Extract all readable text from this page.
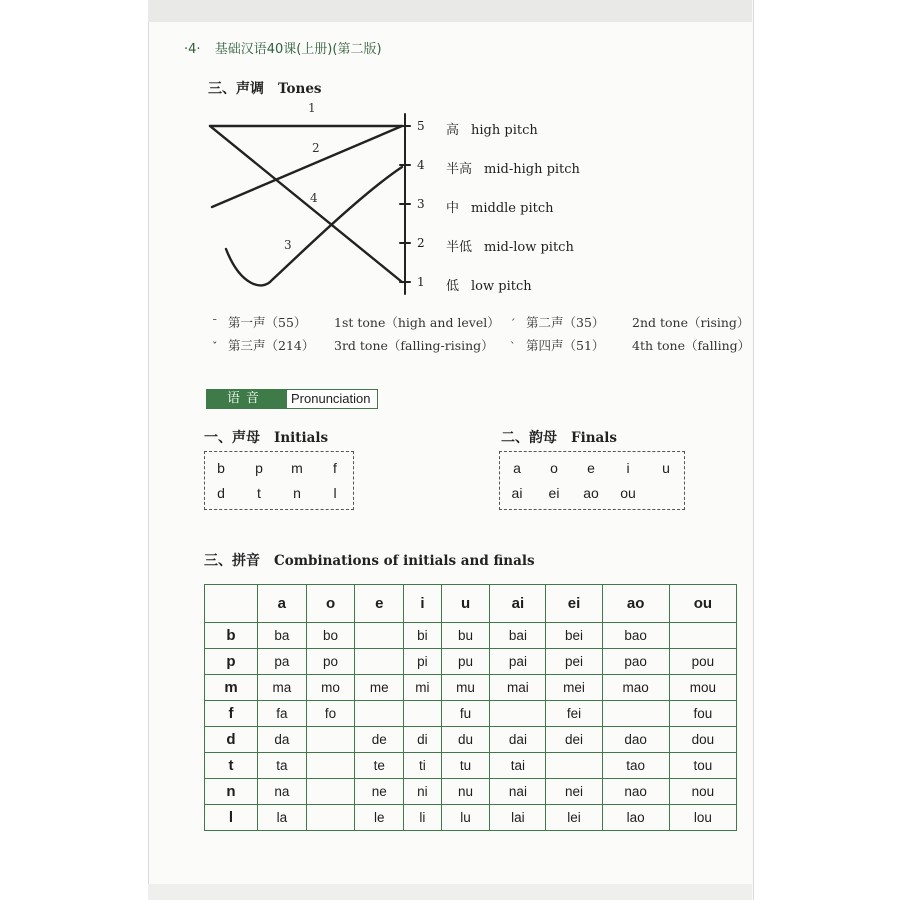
·4· 基础汉语40课(上册)(第二版)
三、声调 Tones
1
2
3
4
5
4
3
2
1
高 high pitch
半高 mid-high pitch
中 middle pitch
半低 mid-low pitch
低 low pitch
ˉ 第一声（55） 1st tone（high and level） ˊ 第二声（35） 2nd tone（rising）
ˇ 第三声（214） 3rd tone（falling-rising） ˋ 第四声（51） 4th tone（falling）
语音	Pronunciation
一、声母 Initials
b	p	m	f
d	t	n	l
二、韵母 Finals
a	o	e	i	u
ai	ei	ao ou
三、拼音 Combinations of initials and finals
	a	o	e	i	u	ai	ei	ao	ou
b	ba	bo		bi	bu	bai	bei	bao	
p	pa	po		pi	pu	pai	pei	pao	pou
m	ma	mo	me	mi	mu	mai	mei	mao	mou
f	fa	fo			fu		fei		fou
d	da		de	di	du	dai	dei	dao	dou
t	ta		te	ti	tu	tai		tao	tou
n	na		ne	ni	nu	nai	nei	nao	nou
l	la		le	li	lu	lai	lei	lao	lou
